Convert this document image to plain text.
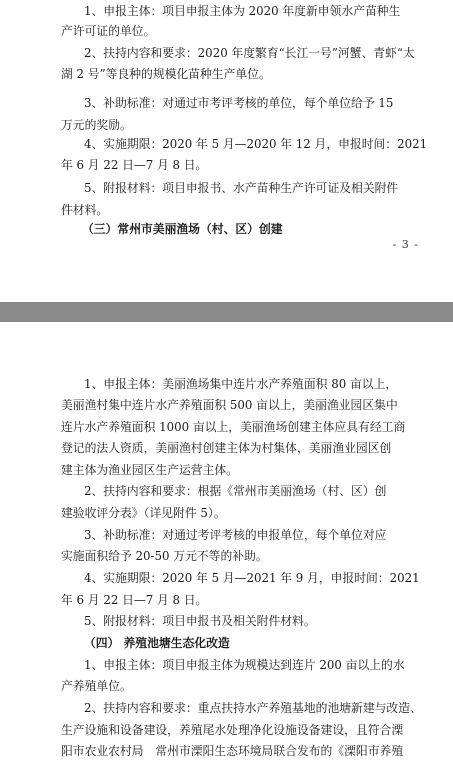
1、申报主体：项目申报主体为 2020 年度新申领水产苗种生
产许可证的单位。
2、扶持内容和要求：2020 年度繁育“长江一号”河蟹、青虾“太
湖 2 号”等良种的规模化苗种生产单位。
3、补助标准：对通过市考评考核的单位，每个单位给予 15
万元的奖励。
4、实施期限：2020 年 5 月—2020 年 12 月，申报时间：2021
年 6 月 22 日—7 月 8 日。
5、附报材料：项目申报书、水产苗种生产许可证及相关附件
件材料。
（三）常州市美丽渔场（村、区）创建
- 3 -
1、申报主体：美丽渔场集中连片水产养殖面积 80 亩以上，
美丽渔村集中连片水产养殖面积 500 亩以上，美丽渔业园区集中
连片水产养殖面积 1000 亩以上，美丽渔场创建主体应具有经工商
登记的法人资质，美丽渔村创建主体为村集体，美丽渔业园区创
建主体为渔业园区生产运营主体。
2、扶持内容和要求：根据《常州市美丽渔场（村、区）创
建验收评分表》（详见附件 5）。
3、补助标准：对通过考评考核的申报单位，每个单位对应
实施面积给予 20-50 万元不等的补助。
4、实施期限：2020 年 5 月—2021 年 9 月，申报时间：2021
年 6 月 22 日—7 月 8 日。
5、附报材料：项目申报书及相关附件材料。
（四） 养殖池塘生态化改造
1、申报主体：项目申报主体为规模达到连片 200 亩以上的水
产养殖单位。
2、扶持内容和要求：重点扶持水产养殖基地的池塘新建与改造、
生产设施和设备建设，养殖尾水处理净化设施设备建设，且符合溧
阳市农业农村局　常州市溧阳生态环境局联合发布的《溧阳市养殖
